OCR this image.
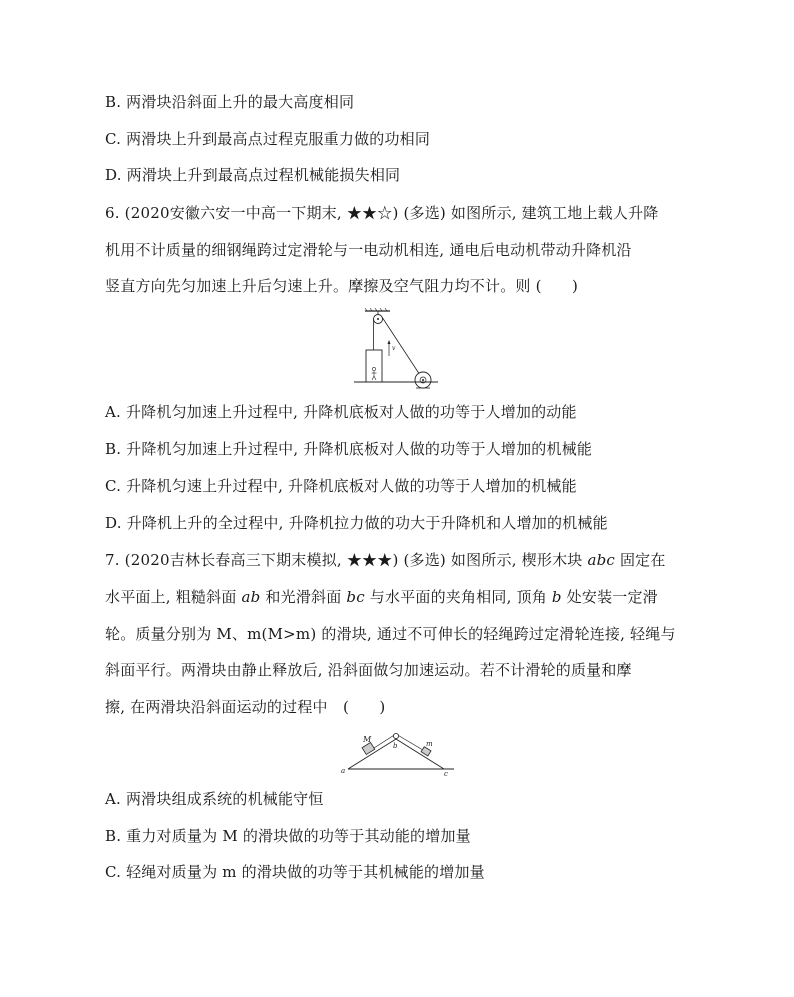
B. 两滑块沿斜面上升的最大高度相同
C. 两滑块上升到最高点过程克服重力做的功相同
D. 两滑块上升到最高点过程机械能损失相同
6. (2020安徽六安一中高一下期末, ★★☆) (多选) 如图所示, 建筑工地上载人升降
机用不计质量的细钢绳跨过定滑轮与一电动机相连, 通电后电动机带动升降机沿
竖直方向先匀加速上升后匀速上升。摩擦及空气阻力均不计。则 (　　)
v
A. 升降机匀加速上升过程中, 升降机底板对人做的功等于人增加的动能
B. 升降机匀加速上升过程中, 升降机底板对人做的功等于人增加的机械能
C. 升降机匀速上升过程中, 升降机底板对人做的功等于人增加的机械能
D. 升降机上升的全过程中, 升降机拉力做的功大于升降机和人增加的机械能
7. (2020吉林长春高三下期末模拟, ★★★) (多选) 如图所示, 楔形木块 abc 固定在
水平面上, 粗糙斜面 ab 和光滑斜面 bc 与水平面的夹角相同, 顶角 b 处安装一定滑
轮。质量分别为 M、m(M>m) 的滑块, 通过不可伸长的轻绳跨过定滑轮连接, 轻绳与
斜面平行。两滑块由静止释放后, 沿斜面做匀加速运动。若不计滑轮的质量和摩
擦, 在两滑块沿斜面运动的过程中　(　　)
M	m
a
b
c
A. 两滑块组成系统的机械能守恒
B. 重力对质量为 M 的滑块做的功等于其动能的增加量
C. 轻绳对质量为 m 的滑块做的功等于其机械能的增加量
